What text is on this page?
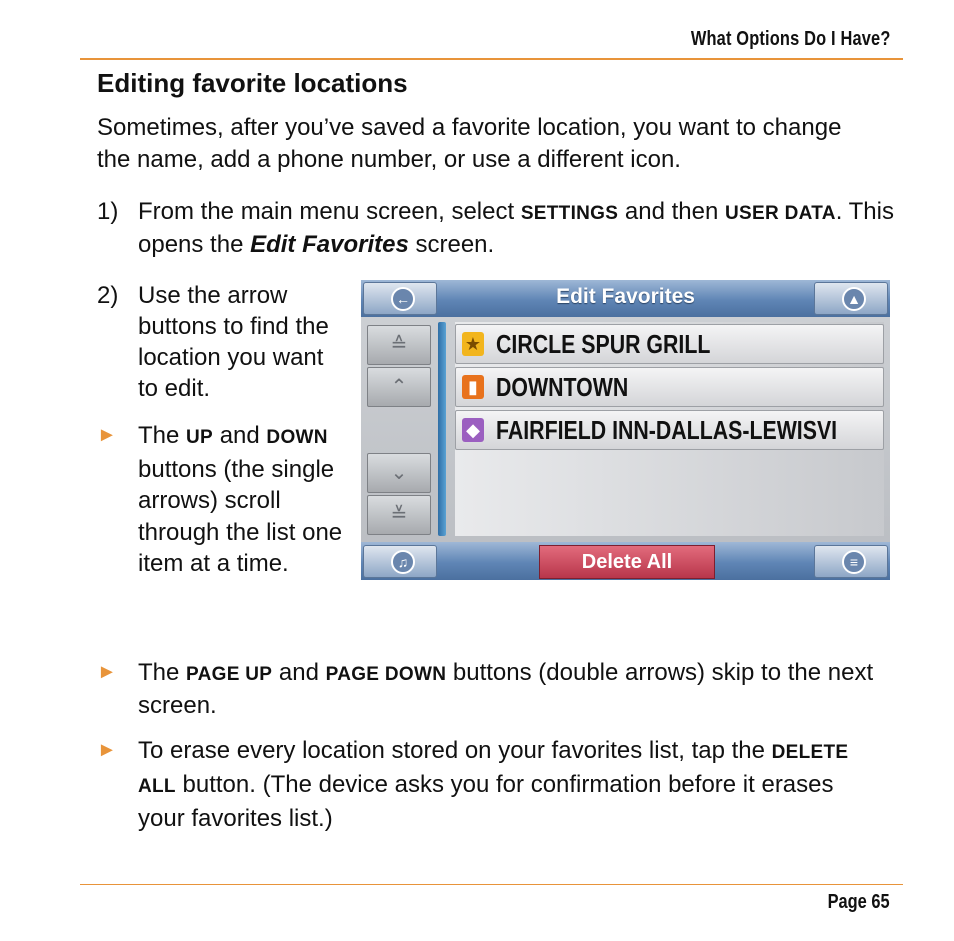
What Options Do I Have?
Editing favorite locations
Sometimes, after you’ve saved a favorite location, you want to change the name, add a phone number, or use a different icon.
1) From the main menu screen, select SETTINGS and then USER DATA. This opens the Edit Favorites screen.
2) Use the arrow buttons to find the location you want to edit.
► The UP and DOWN buttons (the single arrows) scroll through the list one item at a time.
► The PAGE UP and PAGE DOWN buttons (double arrows) skip to the next screen.
► To erase every location stored on your favorites list, tap the DELETE ALL button. (The device asks you for confirmation before it erases your favorites list.)
←	Edit Favorites	▲
≙
⌃
⌄
≚
★ CIRCLE SPUR GRILL
▮ DOWNTOWN
◆ FAIRFIELD INN-DALLAS-LEWISVI
♫	Delete All	≡
Page 65
